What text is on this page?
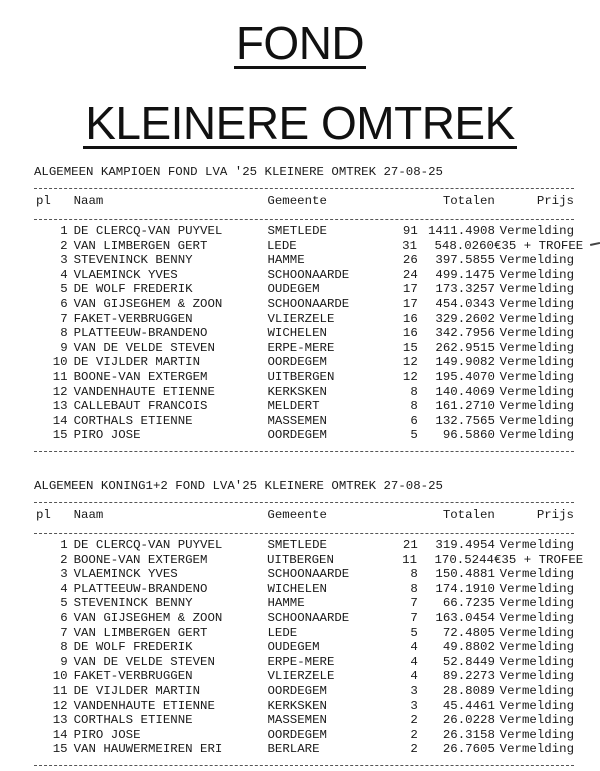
FOND
KLEINERE OMTREK
ALGEMEEN KAMPIOEN FOND LVA '25 KLEINERE OMTREK 27-08-25
pl	Naam	Gemeente	Totalen	Prijs
1 DE CLERCQ-VAN PUYVEL	SMETLEDE	91 1411.4908 Vermelding
2 VAN LIMBERGEN GERT	LEDE	31	548.0260 €35 + TROFEE
3 STEVENINCK BENNY	HAMME	26	397.5855 Vermelding
4 VLAEMINCK YVES	SCHOONAARDE	24	499.1475 Vermelding
5 DE WOLF FREDERIK	OUDEGEM	17	173.3257 Vermelding
6 VAN GIJSEGHEM & ZOON	SCHOONAARDE	17	454.0343 Vermelding
7 FAKET-VERBRUGGEN	VLIERZELE	16	329.2602 Vermelding
8 PLATTEEUW-BRANDENO	WICHELEN	16	342.7956 Vermelding
9 VAN DE VELDE STEVEN	ERPE-MERE	15	262.9515 Vermelding
10 DE VIJLDER MARTIN	OORDEGEM	12	149.9082 Vermelding
11 BOONE-VAN EXTERGEM	UITBERGEN	12	195.4070 Vermelding
12 VANDENHAUTE ETIENNE	KERKSKEN	8	140.4069 Vermelding
13 CALLEBAUT FRANCOIS	MELDERT	8	161.2710 Vermelding
14 CORTHALS ETIENNE	MASSEMEN	6	132.7565 Vermelding
15 PIRO JOSE	OORDEGEM	5	96.5860 Vermelding
ALGEMEEN KONING1+2 FOND LVA'25 KLEINERE OMTREK 27-08-25
pl	Naam	Gemeente	Totalen	Prijs
1 DE CLERCQ-VAN PUYVEL	SMETLEDE	21	319.4954 Vermelding
2 BOONE-VAN EXTERGEM	UITBERGEN	11	170.5244 €35 + TROFEE
3 VLAEMINCK YVES	SCHOONAARDE	8	150.4881 Vermelding
4 PLATTEEUW-BRANDENO	WICHELEN	8	174.1910 Vermelding
5 STEVENINCK BENNY	HAMME	7	66.7235 Vermelding
6 VAN GIJSEGHEM & ZOON	SCHOONAARDE	7	163.0454 Vermelding
7 VAN LIMBERGEN GERT	LEDE	5	72.4805 Vermelding
8 DE WOLF FREDERIK	OUDEGEM	4	49.8802 Vermelding
9 VAN DE VELDE STEVEN	ERPE-MERE	4	52.8449 Vermelding
10 FAKET-VERBRUGGEN	VLIERZELE	4	89.2273 Vermelding
11 DE VIJLDER MARTIN	OORDEGEM	3	28.8089 Vermelding
12 VANDENHAUTE ETIENNE	KERKSKEN	3	45.4461 Vermelding
13 CORTHALS ETIENNE	MASSEMEN	2	26.0228 Vermelding
14 PIRO JOSE	OORDEGEM	2	26.3158 Vermelding
15 VAN HAUWERMEIREN ERI	BERLARE	2	26.7605 Vermelding
